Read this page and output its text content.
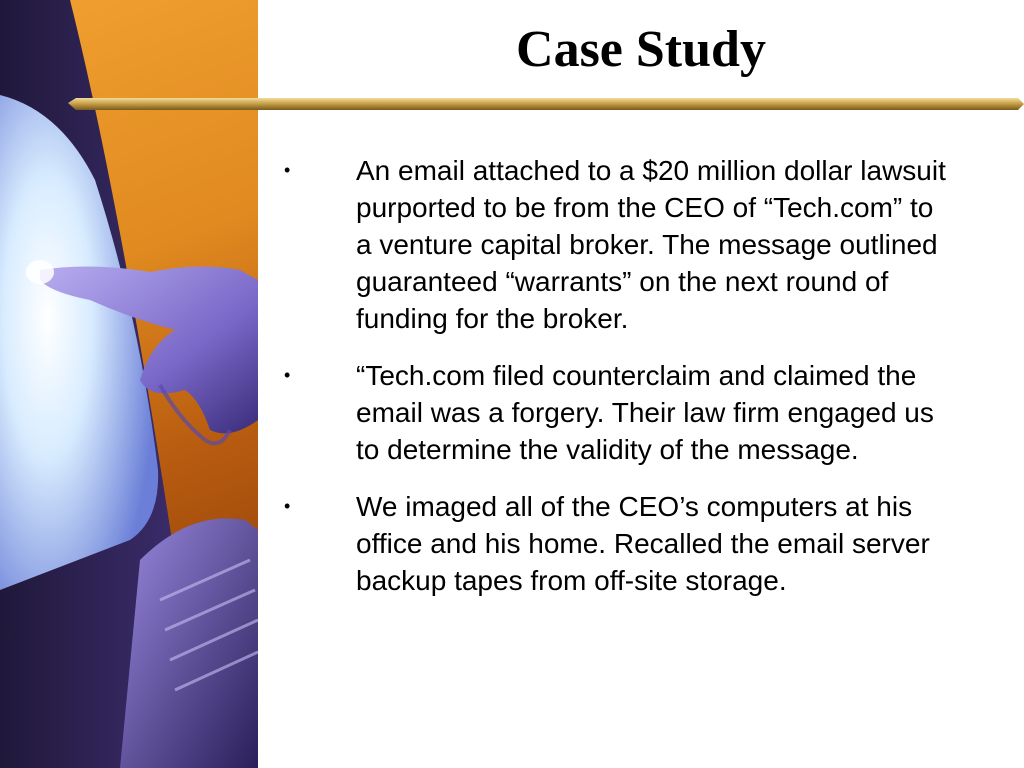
Case Study
• An email attached to a $20 million dollar lawsuit purported to be from the CEO of “Tech.com” to a venture capital broker. The message outlined guaranteed “warrants” on the next round of funding for the broker.
• “Tech.com filed counterclaim and claimed the email was a forgery. Their law firm engaged us to determine the validity of the message.
• We imaged all of the CEO’s computers at his office and his home. Recalled the email server backup tapes from off-site storage.
